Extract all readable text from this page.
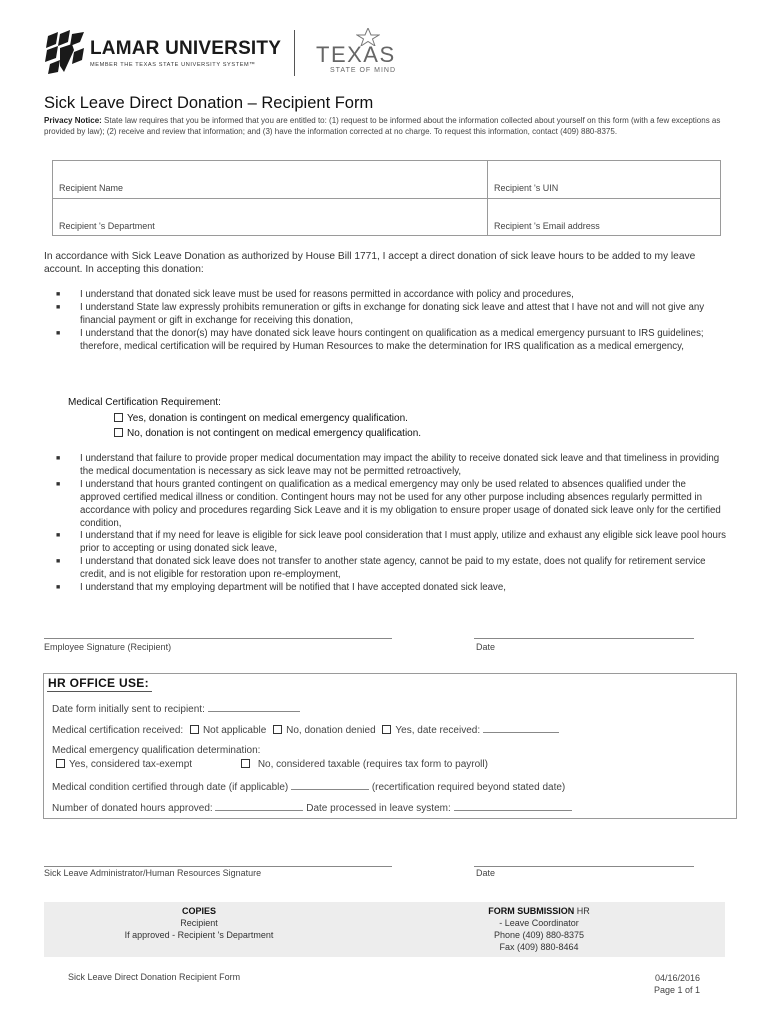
LAMAR UNIVERSITY
MEMBER THE TEXAS STATE UNIVERSITY SYSTEM™	TEXAS
STATE OF MIND
Sick Leave Direct Donation – Recipient Form
Privacy Notice: State law requires that you be informed that you are entitled to: (1) request to be informed about the information collected about yourself on this form (with a few exceptions as provided by law); (2) receive and review that information; and (3) have the information corrected at no charge. To request this information, contact (409) 880-8375.
Recipient Name	Recipient 's UIN
Recipient 's Department	Recipient 's Email address
In accordance with Sick Leave Donation as authorized by House Bill 1771, I accept a direct donation of sick leave hours to be added to my leave account. In accepting this donation:
■ I understand that donated sick leave must be used for reasons permitted in accordance with policy and procedures,
■ I understand State law expressly prohibits remuneration or gifts in exchange for donating sick leave and attest that I have not and will not give any financial payment or gift in exchange for receiving this donation,
■ I understand that the donor(s) may have donated sick leave hours contingent on qualification as a medical emergency pursuant to IRS guidelines; therefore, medical certification will be required by Human Resources to make the determination for IRS qualification as a medical emergency,
Medical Certification Requirement:
Yes, donation is contingent on medical emergency qualification.
No, donation is not contingent on medical emergency qualification.
■ I understand that failure to provide proper medical documentation may impact the ability to receive donated sick leave and that timeliness in providing the medical documentation is necessary as sick leave may not be permitted retroactively,
■ I understand that hours granted contingent on qualification as a medical emergency may only be used related to absences qualified under the approved certified medical illness or condition. Contingent hours may not be used for any other purpose including absences regularly permitted in accordance with policy and procedures regarding Sick Leave and it is my obligation to ensure proper usage of donated sick leave only for the certified condition,
■ I understand that if my need for leave is eligible for sick leave pool consideration that I must apply, utilize and exhaust any eligible sick leave pool hours prior to accepting or using donated sick leave,
■ I understand that donated sick leave does not transfer to another state agency, cannot be paid to my estate, does not qualify for retirement service credit, and is not eligible for restoration upon re-employment,
■ I understand that my employing department will be notified that I have accepted donated sick leave,
Employee Signature (Recipient)	Date
HR OFFICE USE:
Date form initially sent to recipient:
Medical certification received: Not applicable No, donation denied Yes, date received:
Medical emergency qualification determination:
Yes, considered tax-exempt	No, considered taxable (requires tax form to payroll)
Medical condition certified through date (if applicable)	(recertification required beyond stated date)
Number of donated hours approved:	Date processed in leave system:
Sick Leave Administrator/Human Resources Signature	Date
COPIES
Recipient
If approved - Recipient 's Department
FORM SUBMISSION HR
- Leave Coordinator
Phone (409) 880-8375
Fax (409) 880-8464
Sick Leave Direct Donation Recipient Form	04/16/2016
Page 1 of 1
